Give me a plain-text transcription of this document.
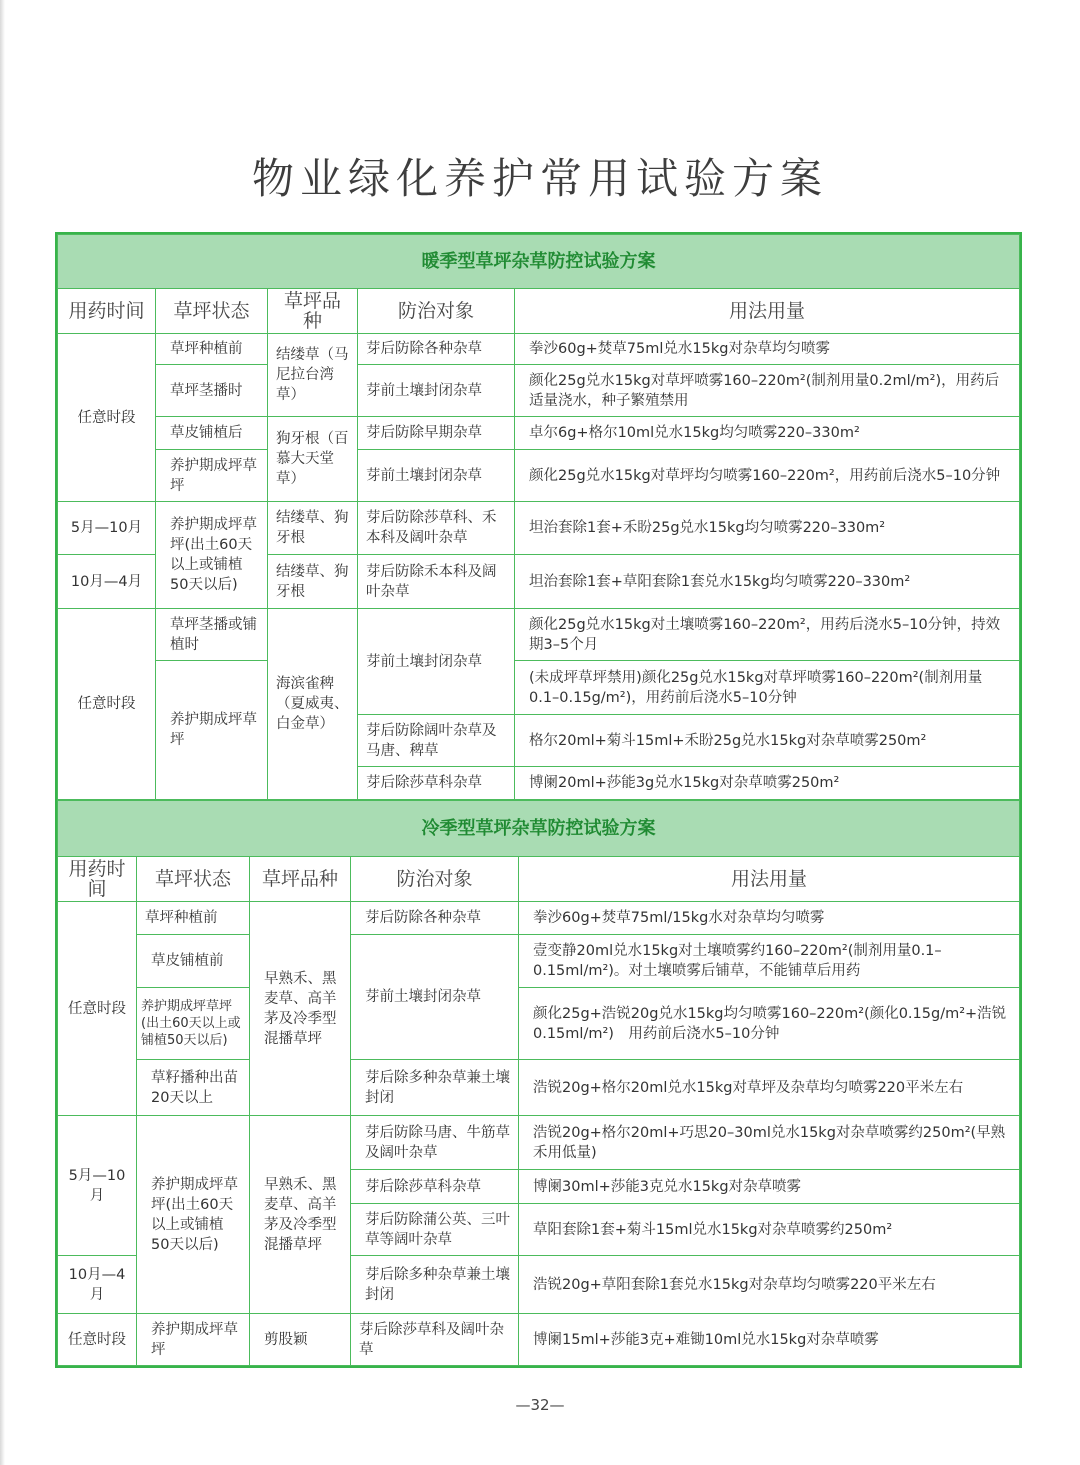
物业绿化养护常用试验方案
暖季型草坪杂草防控试验方案				
用药时间	草坪状态	草坪品种	防治对象	用法用量
任意时段	草坪种植前	结缕草（马尼拉台湾草）	芽后防除各种杂草	拳沙60g+焚草75ml兑水15kg对杂草均匀喷雾
	草坪茎播时		芽前土壤封闭杂草	颜化25g兑水15kg对草坪喷雾160–220m²(制剂用量0.2ml/m²)，用药后适量浇水，种子繁殖禁用
	草皮铺植后	狗牙根（百慕大天堂草）	芽后防除早期杂草	卓尔6g+格尔10ml兑水15kg均匀喷雾220–330m²
	养护期成坪草坪		芽前土壤封闭杂草	颜化25g兑水15kg对草坪均匀喷雾160–220m²，用药前后浇水5–10分钟
5月—10月	养护期成坪草坪(出土60天以上或铺植50天以后)	结缕草、狗牙根	芽后防除莎草科、禾本科及阔叶杂草	坦治套除1套+禾盼25g兑水15kg均匀喷雾220–330m²
10月—4月		结缕草、狗牙根	芽后防除禾本科及阔叶杂草	坦治套除1套+草阳套除1套兑水15kg均匀喷雾220–330m²
任意时段	草坪茎播或铺植时	海滨雀稗（夏威夷、白金草）	芽前土壤封闭杂草	颜化25g兑水15kg对土壤喷雾160–220m²，用药后浇水5–10分钟，持效期3–5个月
	养护期成坪草坪			(未成坪草坪禁用)颜化25g兑水15kg对草坪喷雾160–220m²(制剂用量0.1–0.15g/m²)，用药前后浇水5–10分钟
			芽后防除阔叶杂草及马唐、稗草	格尔20ml+菊斗15ml+禾盼25g兑水15kg对杂草喷雾250m²
			芽后除莎草科杂草	博阑20ml+莎能3g兑水15kg对杂草喷雾250m²
冷季型草坪杂草防控试验方案				
用药时间	草坪状态	草坪品种	防治对象	用法用量
任意时段	草坪种植前	早熟禾、黑麦草、高羊茅及冷季型混播草坪	芽后防除各种杂草	拳沙60g+焚草75ml/15kg水对杂草均匀喷雾
	草皮铺植前		芽前土壤封闭杂草	壹变静20ml兑水15kg对土壤喷雾约160–220m²(制剂用量0.1–0.15ml/m²)。对土壤喷雾后铺草，不能铺草后用药
	养护期成坪草坪(出土60天以上或铺植50天以后)			颜化25g+浩锐20g兑水15kg均匀喷雾160–220m²(颜化0.15g/m²+浩锐0.15ml/m²)　用药前后浇水5–10分钟
	草籽播种出苗20天以上		芽后除多种杂草兼土壤封闭	浩锐20g+格尔20ml兑水15kg对草坪及杂草均匀喷雾220平米左右
5月—10月	养护期成坪草坪(出土60天以上或铺植50天以后)	早熟禾、黑麦草、高羊茅及冷季型混播草坪	芽后防除马唐、牛筋草及阔叶杂草	浩锐20g+格尔20ml+巧思20–30ml兑水15kg对杂草喷雾约250m²(早熟禾用低量)
			芽后除莎草科杂草	博阑30ml+莎能3克兑水15kg对杂草喷雾
			芽后防除蒲公英、三叶草等阔叶杂草	草阳套除1套+菊斗15ml兑水15kg对杂草喷雾约250m²
10月—4月			芽后除多种杂草兼土壤封闭	浩锐20g+草阳套除1套兑水15kg对杂草均匀喷雾220平米左右
任意时段	养护期成坪草坪	剪股颖	芽后除莎草科及阔叶杂草	博阑15ml+莎能3克+难锄10ml兑水15kg对杂草喷雾
—32—
